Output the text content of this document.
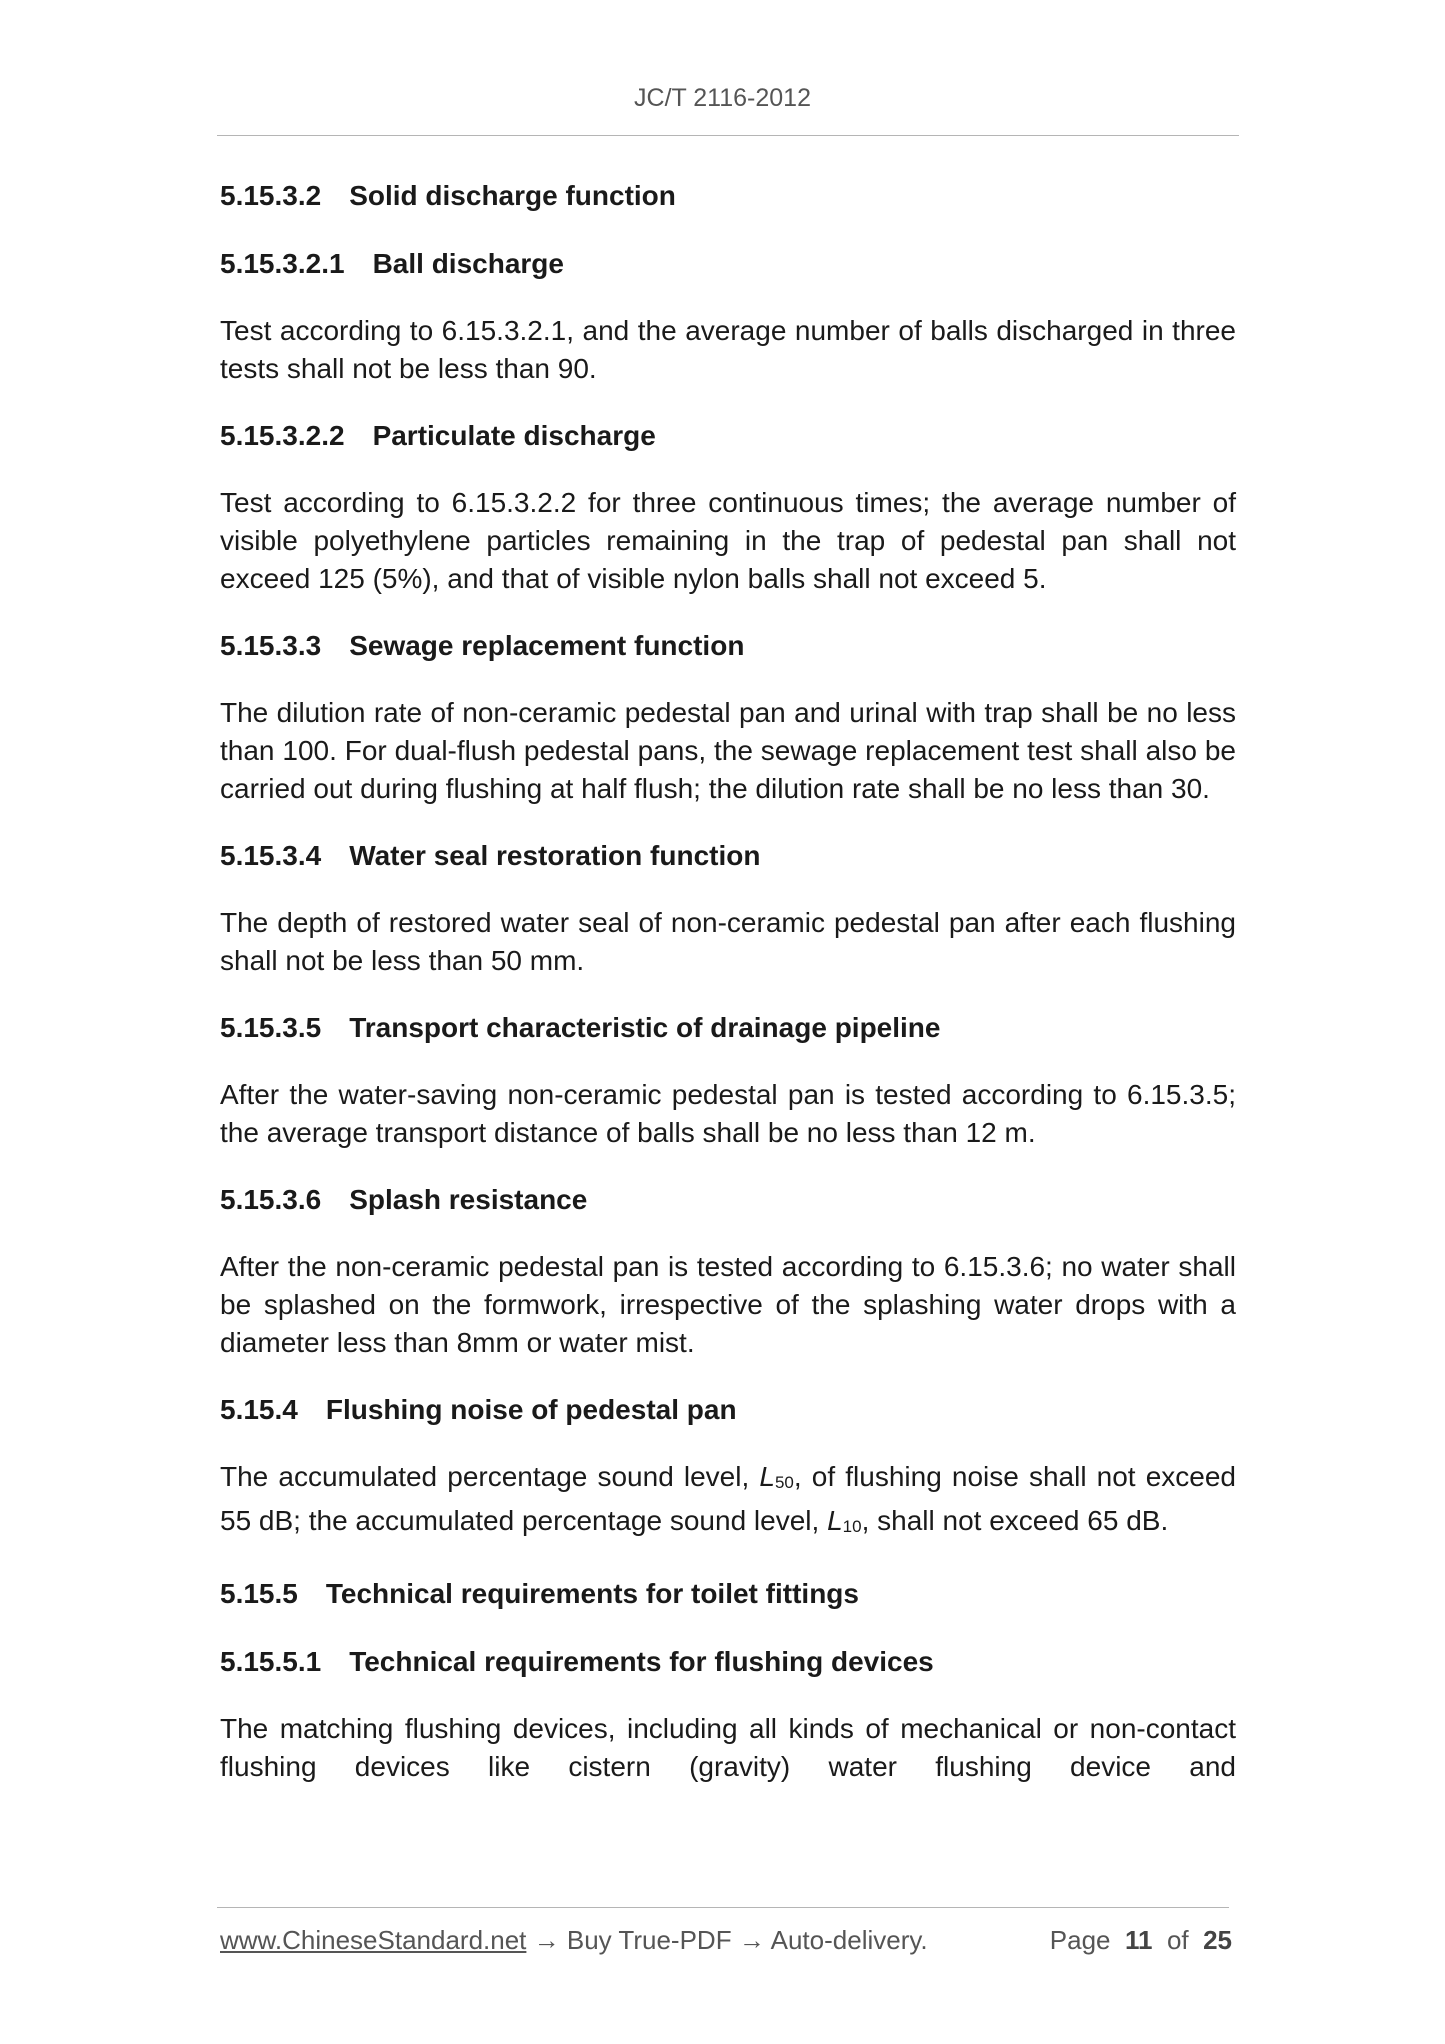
JC/T 2116-2012
5.15.3.2 Solid discharge function
5.15.3.2.1 Ball discharge

Test according to 6.15.3.2.1, and the average number of balls discharged in three tests shall not be less than 90.

5.15.3.2.2 Particulate discharge

Test according to 6.15.3.2.2 for three continuous times; the average number of visible polyethylene particles remaining in the trap of pedestal pan shall not exceed 125 (5%), and that of visible nylon balls shall not exceed 5.

5.15.3.3 Sewage replacement function

The dilution rate of non-ceramic pedestal pan and urinal with trap shall be no less than 100. For dual-flush pedestal pans, the sewage replacement test shall also be carried out during flushing at half flush; the dilution rate shall be no less than 30.

5.15.3.4 Water seal restoration function

The depth of restored water seal of non-ceramic pedestal pan after each flushing shall not be less than 50 mm.

5.15.3.5 Transport characteristic of drainage pipeline

After the water-saving non-ceramic pedestal pan is tested according to 6.15.3.5; the average transport distance of balls shall be no less than 12 m.

5.15.3.6 Splash resistance

After the non-ceramic pedestal pan is tested according to 6.15.3.6; no water shall be splashed on the formwork, irrespective of the splashing water drops with a diameter less than 8mm or water mist.

5.15.4 Flushing noise of pedestal pan

The accumulated percentage sound level, $L_{50}$, of flushing noise shall not exceed 55 dB; the accumulated percentage sound level, $L_{10}$, shall not exceed 65 dB.

5.15.5 Technical requirements for toilet fittings
5.15.5.1 Technical requirements for flushing devices

The matching flushing devices, including all kinds of mechanical or non-contact flushing devices like cistern (gravity) water flushing device and

www.ChineseStandard.net → Buy True-PDF → Auto-delivery.	Page 11 of 25
